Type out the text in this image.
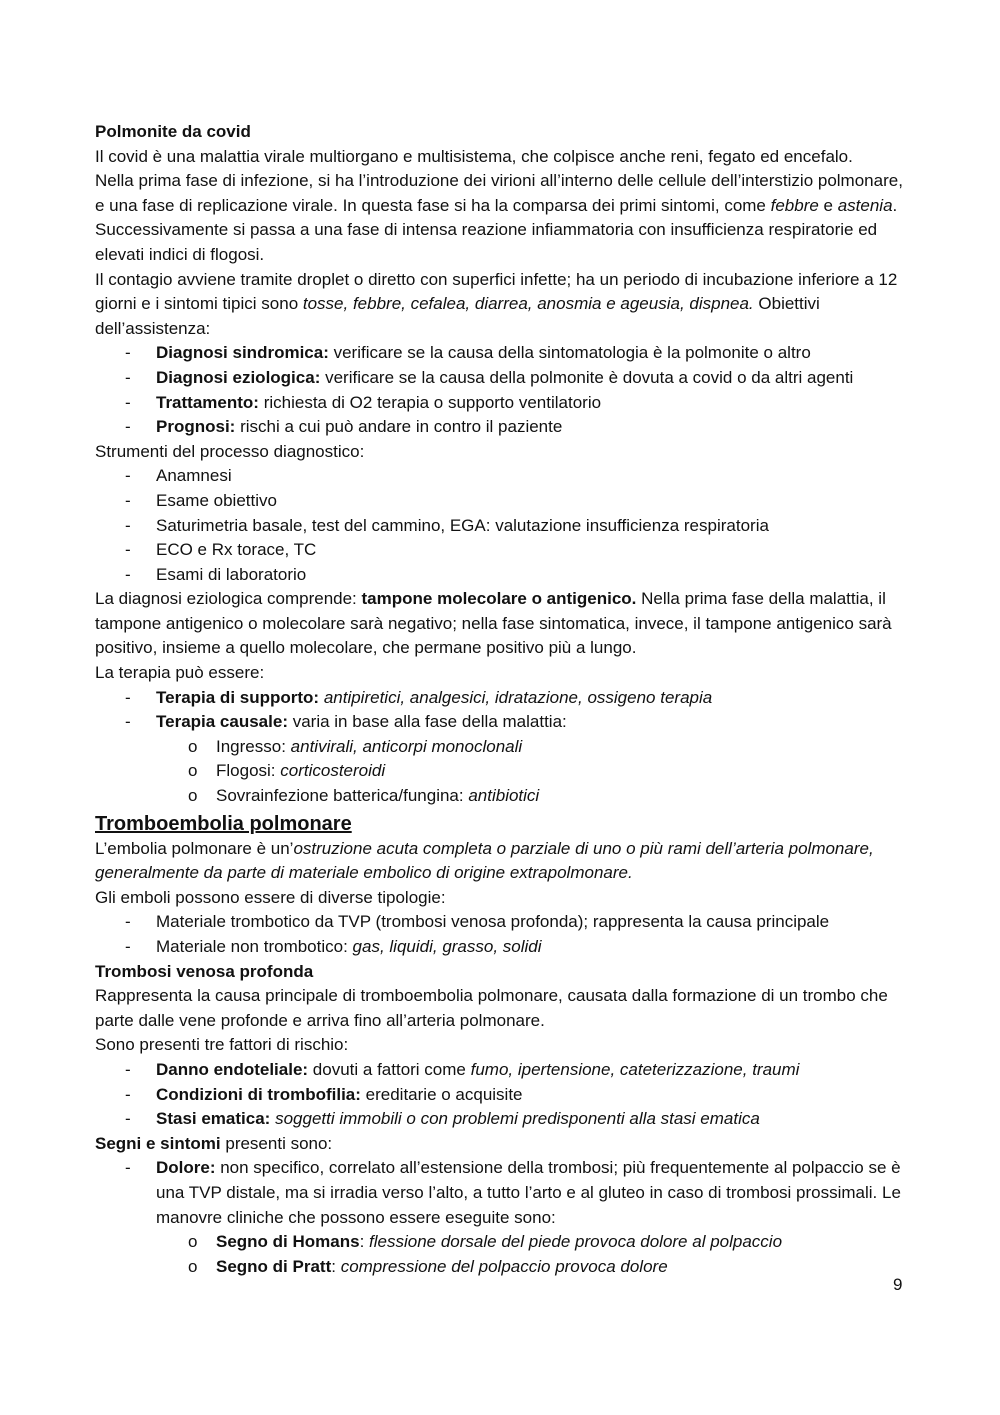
Polmonite da covid

Il covid è una malattia virale multiorgano e multisistema, che colpisce anche reni, fegato ed encefalo.

Nella prima fase di infezione, si ha l’introduzione dei virioni all’interno delle cellule dell’interstizio polmonare, e una fase di replicazione virale. In questa fase si ha la comparsa dei primi sintomi, come febbre e astenia. Successivamente si passa a una fase di intensa reazione infiammatoria con insufficienza respiratorie ed elevati indici di flogosi.

Il contagio avviene tramite droplet o diretto con superfici infette; ha un periodo di incubazione inferiore a 12 giorni e i sintomi tipici sono tosse, febbre, cefalea, diarrea, anosmia e ageusia, dispnea. Obiettivi dell’assistenza:

- Diagnosi sindromica: verificare se la causa della sintomatologia è la polmonite o altro
- Diagnosi eziologica: verificare se la causa della polmonite è dovuta a covid o da altri agenti
- Trattamento: richiesta di O2 terapia o supporto ventilatorio
- Prognosi: rischi a cui può andare in contro il paziente

Strumenti del processo diagnostico:

- Anamnesi
- Esame obiettivo
- Saturimetria basale, test del cammino, EGA: valutazione insufficienza respiratoria
- ECO e Rx torace, TC
- Esami di laboratorio

La diagnosi eziologica comprende: tampone molecolare o antigenico. Nella prima fase della malattia, il tampone antigenico o molecolare sarà negativo; nella fase sintomatica, invece, il tampone antigenico sarà positivo, insieme a quello molecolare, che permane positivo più a lungo.

La terapia può essere:

- Terapia di supporto: antipiretici, analgesici, idratazione, ossigeno terapia
- Terapia causale: varia in base alla fase della malattia:
o Ingresso: antivirali, anticorpi monoclonali
o Flogosi: corticosteroidi
o Sovrainfezione batterica/fungina: antibiotici

Tromboembolia polmonare

L’embolia polmonare è un’ostruzione acuta completa o parziale di uno o più rami dell’arteria polmonare, generalmente da parte di materiale embolico di origine extrapolmonare.

Gli emboli possono essere di diverse tipologie:

- Materiale trombotico da TVP (trombosi venosa profonda); rappresenta la causa principale
- Materiale non trombotico: gas, liquidi, grasso, solidi

Trombosi venosa profonda

Rappresenta la causa principale di tromboembolia polmonare, causata dalla formazione di un trombo che parte dalle vene profonde e arriva fino all’arteria polmonare.

Sono presenti tre fattori di rischio:

- Danno endoteliale: dovuti a fattori come fumo, ipertensione, cateterizzazione, traumi
- Condizioni di trombofilia: ereditarie o acquisite
- Stasi ematica: soggetti immobili o con problemi predisponenti alla stasi ematica

Segni e sintomi presenti sono:

- Dolore: non specifico, correlato all’estensione della trombosi; più frequentemente al polpaccio se è una TVP distale, ma si irradia verso l’alto, a tutto l’arto e al gluteo in caso di trombosi prossimali. Le manovre cliniche che possono essere eseguite sono:
o Segno di Homans: flessione dorsale del piede provoca dolore al polpaccio
o Segno di Pratt: compressione del polpaccio provoca dolore
9
